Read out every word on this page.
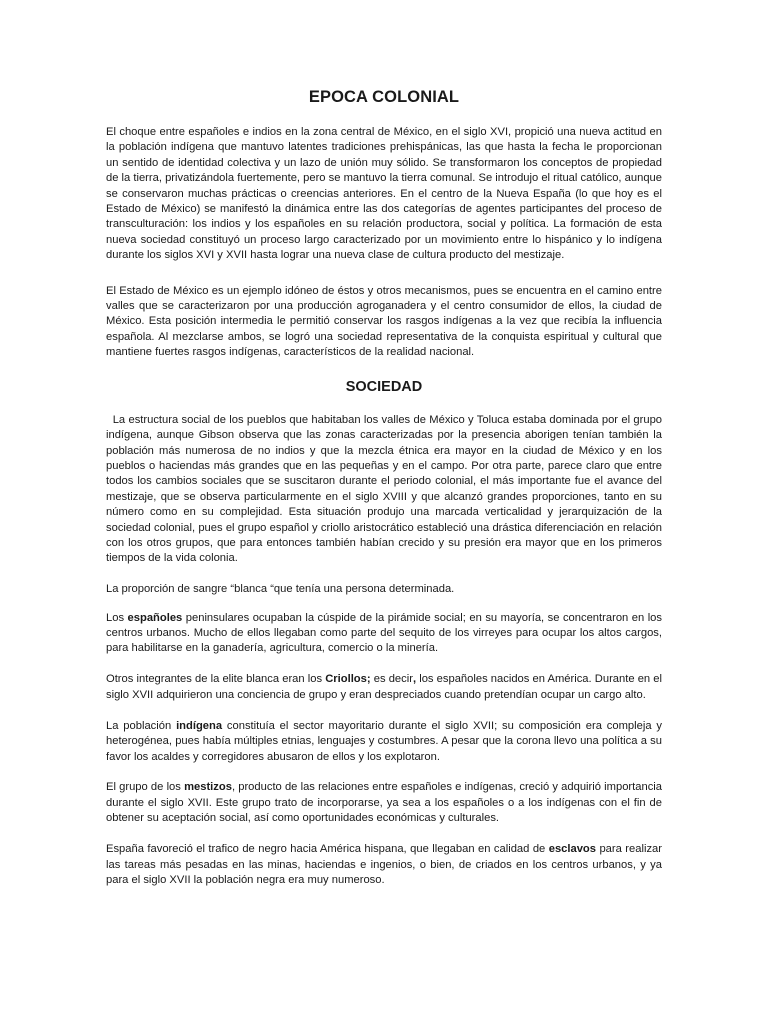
EPOCA COLONIAL

El choque entre españoles e indios en la zona central de México, en el siglo XVI, propició una nueva actitud en la población indígena que mantuvo latentes tradiciones prehispánicas, las que hasta la fecha le proporcionan un sentido de identidad colectiva y un lazo de unión muy sólido. Se transformaron los conceptos de propiedad de la tierra, privatizándola fuertemente, pero se mantuvo la tierra comunal. Se introdujo el ritual católico, aunque se conservaron muchas prácticas o creencias anteriores. En el centro de la Nueva España (lo que hoy es el Estado de México) se manifestó la dinámica entre las dos categorías de agentes participantes del proceso de transculturación: los indios y los españoles en su relación productora, social y política. La formación de esta nueva sociedad constituyó un proceso largo caracterizado por un movimiento entre lo hispánico y lo indígena durante los siglos XVI y XVII hasta lograr una nueva clase de cultura producto del mestizaje.

El Estado de México es un ejemplo idóneo de éstos y otros mecanismos, pues se encuentra en el camino entre valles que se caracterizaron por una producción agroganadera y el centro consumidor de ellos, la ciudad de México. Esta posición intermedia le permitió conservar los rasgos indígenas a la vez que recibía la influencia española. Al mezclarse ambos, se logró una sociedad representativa de la conquista espiritual y cultural que mantiene fuertes rasgos indígenas, característicos de la realidad nacional.

SOCIEDAD

La estructura social de los pueblos que habitaban los valles de México y Toluca estaba dominada por el grupo indígena, aunque Gibson observa que las zonas caracterizadas por la presencia aborigen tenían también la población más numerosa de no indios y que la mezcla étnica era mayor en la ciudad de México y en los pueblos o haciendas más grandes que en las pequeñas y en el campo. Por otra parte, parece claro que entre todos los cambios sociales que se suscitaron durante el periodo colonial, el más importante fue el avance del mestizaje, que se observa particularmente en el siglo XVIII y que alcanzó grandes proporciones, tanto en su número como en su complejidad. Esta situación produjo una marcada verticalidad y jerarquización de la sociedad colonial, pues el grupo español y criollo aristocrático estableció una drástica diferenciación en relación con los otros grupos, que para entonces también habían crecido y su presión era mayor que en los primeros tiempos de la vida colonia.

La proporción de sangre “blanca “que tenía una persona determinada.

Los españoles peninsulares ocupaban la cúspide de la pirámide social; en su mayoría, se concentraron en los centros urbanos. Mucho de ellos llegaban como parte del sequito de los virreyes para ocupar los altos cargos, para habilitarse en la ganadería, agricultura, comercio o la minería.

Otros integrantes de la elite blanca eran los Criollos; es decir, los españoles nacidos en América. Durante en el siglo XVII adquirieron una conciencia de grupo y eran despreciados cuando pretendían ocupar un cargo alto.

La población indígena constituía el sector mayoritario durante el siglo XVII; su composición era compleja y heterogénea, pues había múltiples etnias, lenguajes y costumbres. A pesar que la corona llevo una política a su favor los acaldes y corregidores abusaron de ellos y los explotaron.

El grupo de los mestizos, producto de las relaciones entre españoles e indígenas, creció y adquirió importancia durante el siglo XVII. Este grupo trato de incorporarse, ya sea a los españoles o a los indígenas con el fin de obtener su aceptación social, así como oportunidades económicas y culturales.

España favoreció el trafico de negro hacia América hispana, que llegaban en calidad de esclavos para realizar las tareas más pesadas en las minas, haciendas e ingenios, o bien, de criados en los centros urbanos, y ya para el siglo XVII la población negra era muy numeroso.
